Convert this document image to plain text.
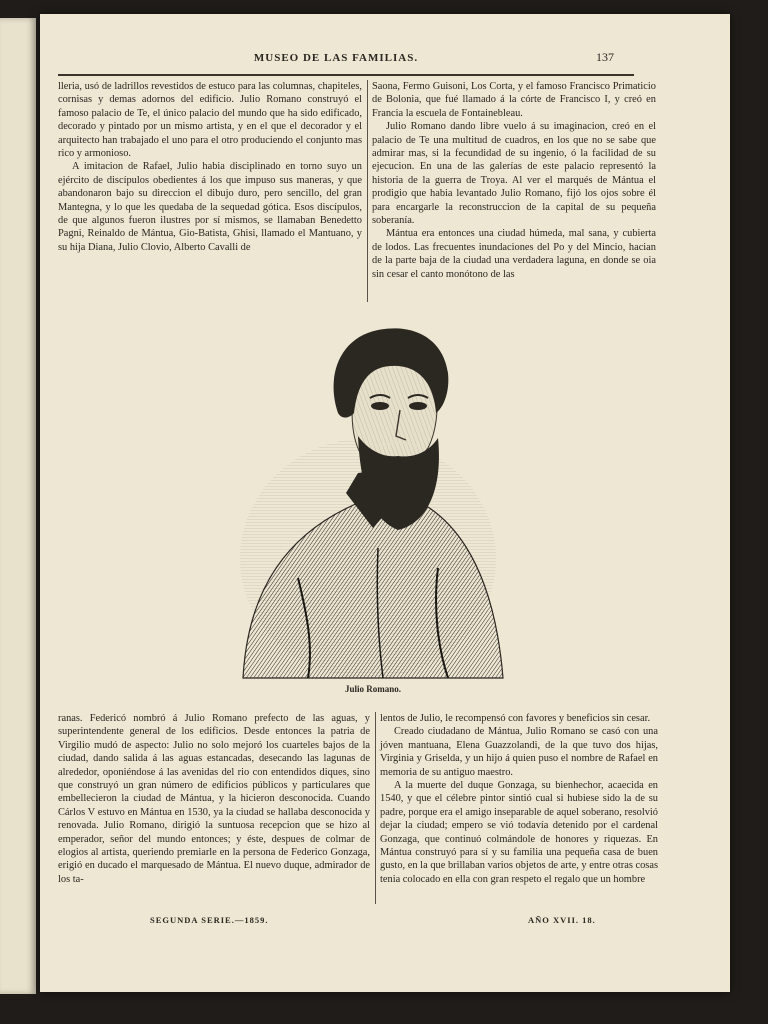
MUSEO DE LAS FAMILIAS.	137

lleria, usó de ladrillos revestidos de estuco para las columnas, chapiteles, cornisas y demas adornos del edificio. Julio Romano construyó el famoso palacio de Te, el único palacio del mundo que ha sido edificado, decorado y pintado por un mismo artista, y en el que el decorador y el arquitecto han trabajado el uno para el otro produciendo el conjunto mas rico y armonioso.

A imitacion de Rafael, Julio habia disciplinado en torno suyo un ejército de discípulos obedientes á los que impuso sus maneras, y que abandonaron bajo su direccion el dibujo duro, pero sencillo, del gran Mantegna, y lo que les quedaba de la sequedad gótica. Esos discípulos, de que algunos fueron ilustres por sí mismos, se llamaban Benedetto Pagni, Reinaldo de Mántua, Gio-Batista, Ghisi, llamado el Mantuano, y su hija Diana, Julio Clovio, Alberto Cavalli de

Saona, Fermo Guisoni, Los Corta, y el famoso Francisco Primaticio de Bolonia, que fué llamado á la córte de Francisco I, y creó en Francia la escuela de Fontainebleau.

Julio Romano dando libre vuelo á su imaginacion, creó en el palacio de Te una multitud de cuadros, en los que no se sabe que admirar mas, si la fecundidad de su ingenio, ó la facilidad de su ejecucion. En una de las galerías de este palacio representó la historia de la guerra de Troya. Al ver el marqués de Mántua el prodigio que habia levantado Julio Romano, fijó los ojos sobre él para encargarle la reconstruccion de la capital de su pequeña soberanía.

Mántua era entonces una ciudad húmeda, mal sana, y cubierta de lodos. Las frecuentes inundaciones del Po y del Mincio, hacian de la parte baja de la ciudad una verdadera laguna, en donde se oia sin cesar el canto monótono de las

Julio Romano.

ranas. Federicó nombró á Julio Romano prefecto de las aguas, y superintendente general de los edificios. Desde entonces la patria de Virgilio mudó de aspecto: Julio no solo mejoró los cuarteles bajos de la ciudad, dando salida á las aguas estancadas, desecando las lagunas de alrededor, oponiéndose á las avenidas del rio con entendidos diques, sino que construyó un gran número de edificios públicos y particulares que embellecieron la ciudad de Mántua, y la hicieron desconocida. Cuando Cárlos V estuvo en Mántua en 1530, ya la ciudad se hallaba desconocida y renovada. Julio Romano, dirigió la suntuosa recepcion que se hizo al emperador, señor del mundo entonces; y éste, despues de colmar de elogios al artista, queriendo premiarle en la persona de Federico Gonzaga, erigió en ducado el marquesado de Mántua. El nuevo duque, admirador de los ta-

lentos de Julio, le recompensó con favores y beneficios sin cesar.

Creado ciudadano de Mántua, Julio Romano se casó con una jóven mantuana, Elena Guazzolandi, de la que tuvo dos hijas, Virginia y Griselda, y un hijo á quien puso el nombre de Rafael en memoria de su antiguo maestro.

A la muerte del duque Gonzaga, su bienhechor, acaecida en 1540, y que el célebre pintor sintió cual si hubiese sido la de su padre, porque era el amigo inseparable de aquel soberano, resolvió dejar la ciudad; empero se vió todavía detenido por el cardenal Gonzaga, que continuó colmándole de honores y riquezas. En Mántua construyó para sí y su familia una pequeña casa de buen gusto, en la que brillaban varios objetos de arte, y entre otras cosas tenia colocado en ella con gran respeto el regalo que un hombre

SEGUNDA SERIE.—1859.	AÑO XVII. 18.
